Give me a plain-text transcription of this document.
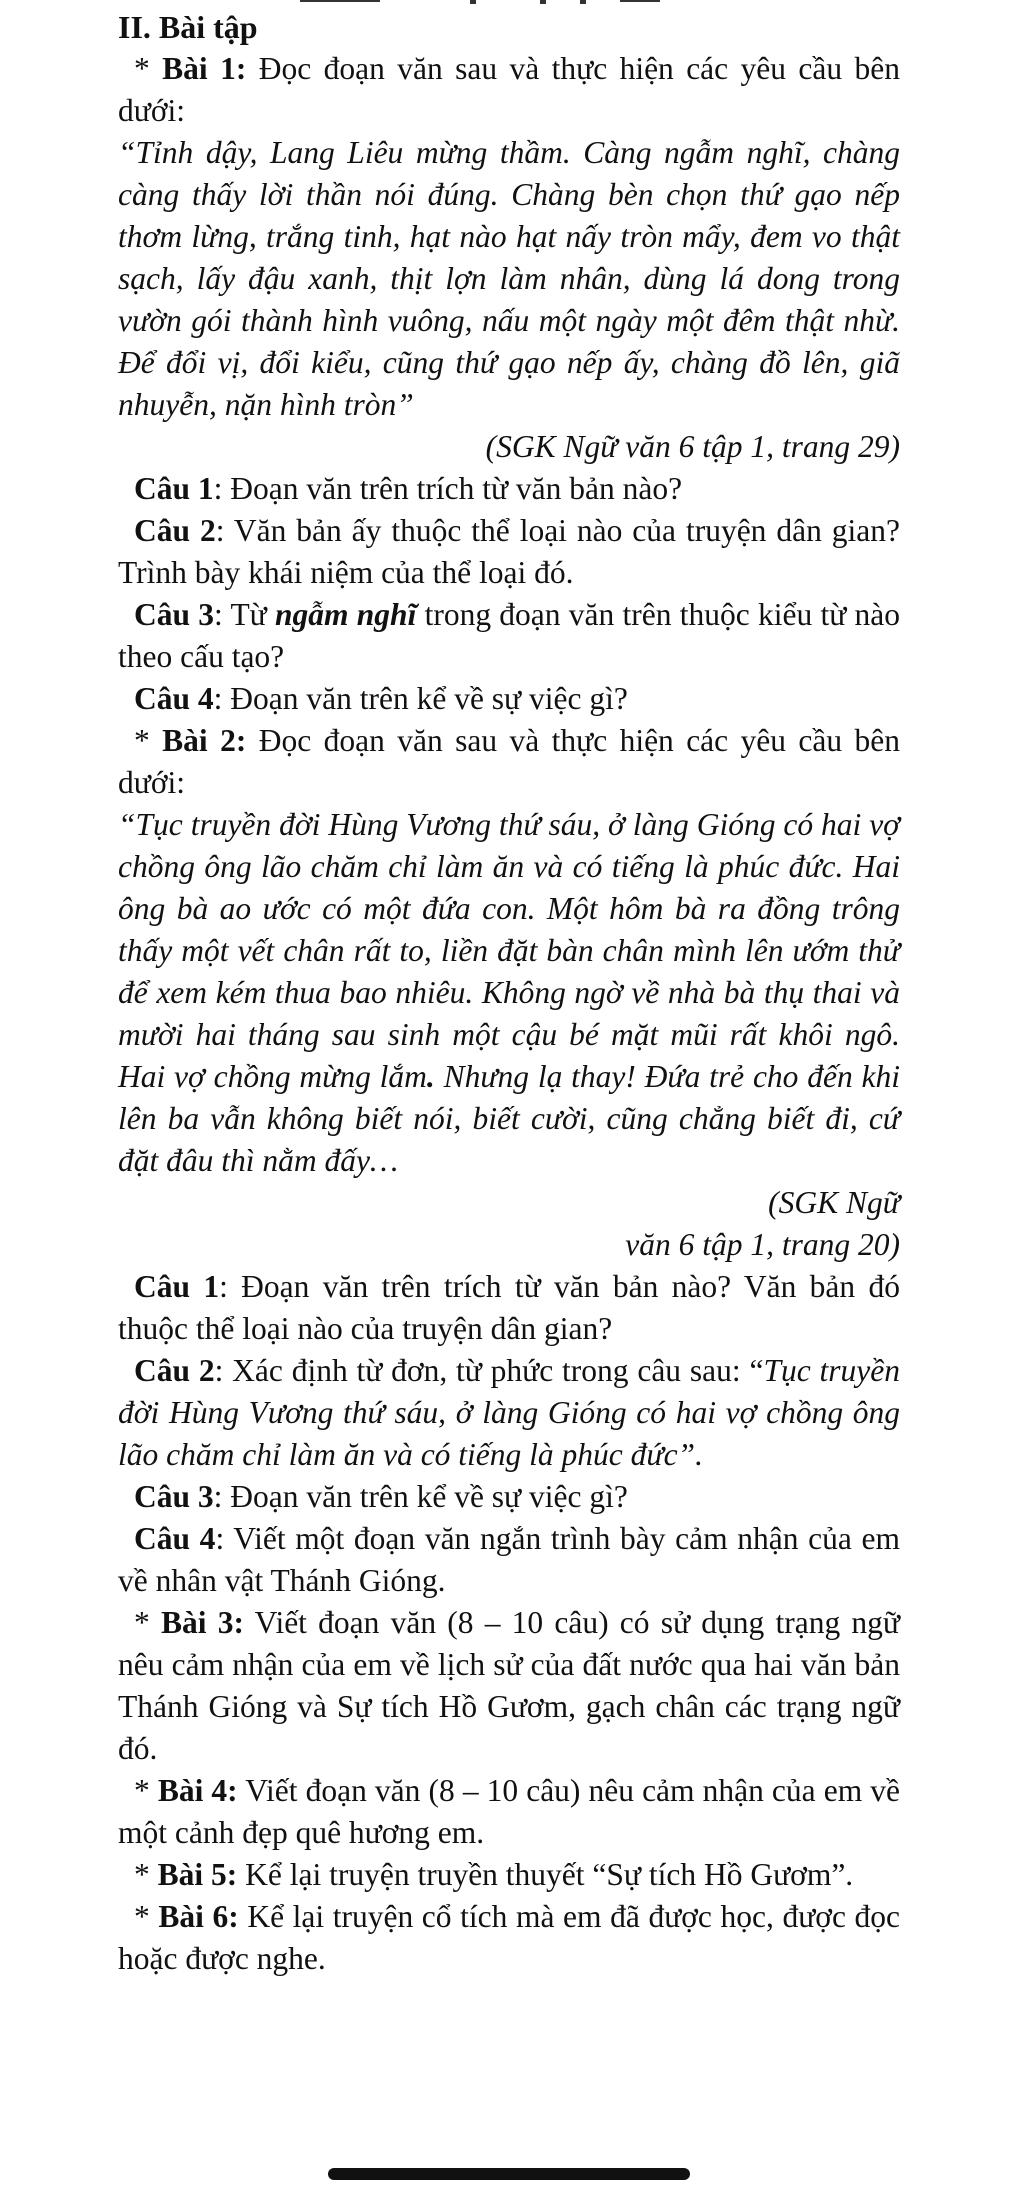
II. Bài tập

* Bài 1: Đọc đoạn văn sau và thực hiện các yêu cầu bên dưới:

“Tỉnh dậy, Lang Liêu mừng thầm. Càng ngẫm nghĩ, chàng càng thấy lời thần nói đúng. Chàng bèn chọn thứ gạo nếp thơm lừng, trắng tinh, hạt nào hạt nấy tròn mẩy, đem vo thật sạch, lấy đậu xanh, thịt lợn làm nhân, dùng lá dong trong vườn gói thành hình vuông, nấu một ngày một đêm thật nhừ. Để đổi vị, đổi kiểu, cũng thứ gạo nếp ấy, chàng đồ lên, giã nhuyễn, nặn hình tròn”

(SGK Ngữ văn 6 tập 1, trang 29)

Câu 1: Đoạn văn trên trích từ văn bản nào?

Câu 2: Văn bản ấy thuộc thể loại nào của truyện dân gian? Trình bày khái niệm của thể loại đó.

Câu 3: Từ ngẫm nghĩ trong đoạn văn trên thuộc kiểu từ nào theo cấu tạo?

Câu 4: Đoạn văn trên kể về sự việc gì?

* Bài 2: Đọc đoạn văn sau và thực hiện các yêu cầu bên dưới:

“Tục truyền đời Hùng Vương thứ sáu, ở làng Gióng có hai vợ chồng ông lão chăm chỉ làm ăn và có tiếng là phúc đức. Hai ông bà ao ước có một đứa con. Một hôm bà ra đồng trông thấy một vết chân rất to, liền đặt bàn chân mình lên ướm thử để xem kém thua bao nhiêu. Không ngờ về nhà bà thụ thai và mười hai tháng sau sinh một cậu bé mặt mũi rất khôi ngô. Hai vợ chồng mừng lắm. Nhưng lạ thay! Đứa trẻ cho đến khi lên ba vẫn không biết nói, biết cười, cũng chẳng biết đi, cứ đặt đâu thì nằm đấy…

(SGK Ngữ

văn 6 tập 1, trang 20)

Câu 1: Đoạn văn trên trích từ văn bản nào? Văn bản đó thuộc thể loại nào của truyện dân gian?

Câu 2: Xác định từ đơn, từ phức trong câu sau: “Tục truyền đời Hùng Vương thứ sáu, ở làng Gióng có hai vợ chồng ông lão chăm chỉ làm ăn và có tiếng là phúc đức”.

Câu 3: Đoạn văn trên kể về sự việc gì?

Câu 4: Viết một đoạn văn ngắn trình bày cảm nhận của em về nhân vật Thánh Gióng.

* Bài 3: Viết đoạn văn (8 – 10 câu) có sử dụng trạng ngữ nêu cảm nhận của em về lịch sử của đất nước qua hai văn bản Thánh Gióng và Sự tích Hồ Gươm, gạch chân các trạng ngữ đó.

* Bài 4: Viết đoạn văn (8 – 10 câu) nêu cảm nhận của em về một cảnh đẹp quê hương em.

* Bài 5: Kể lại truyện truyền thuyết “Sự tích Hồ Gươm”.

* Bài 6: Kể lại truyện cổ tích mà em đã được học, được đọc hoặc được nghe.
